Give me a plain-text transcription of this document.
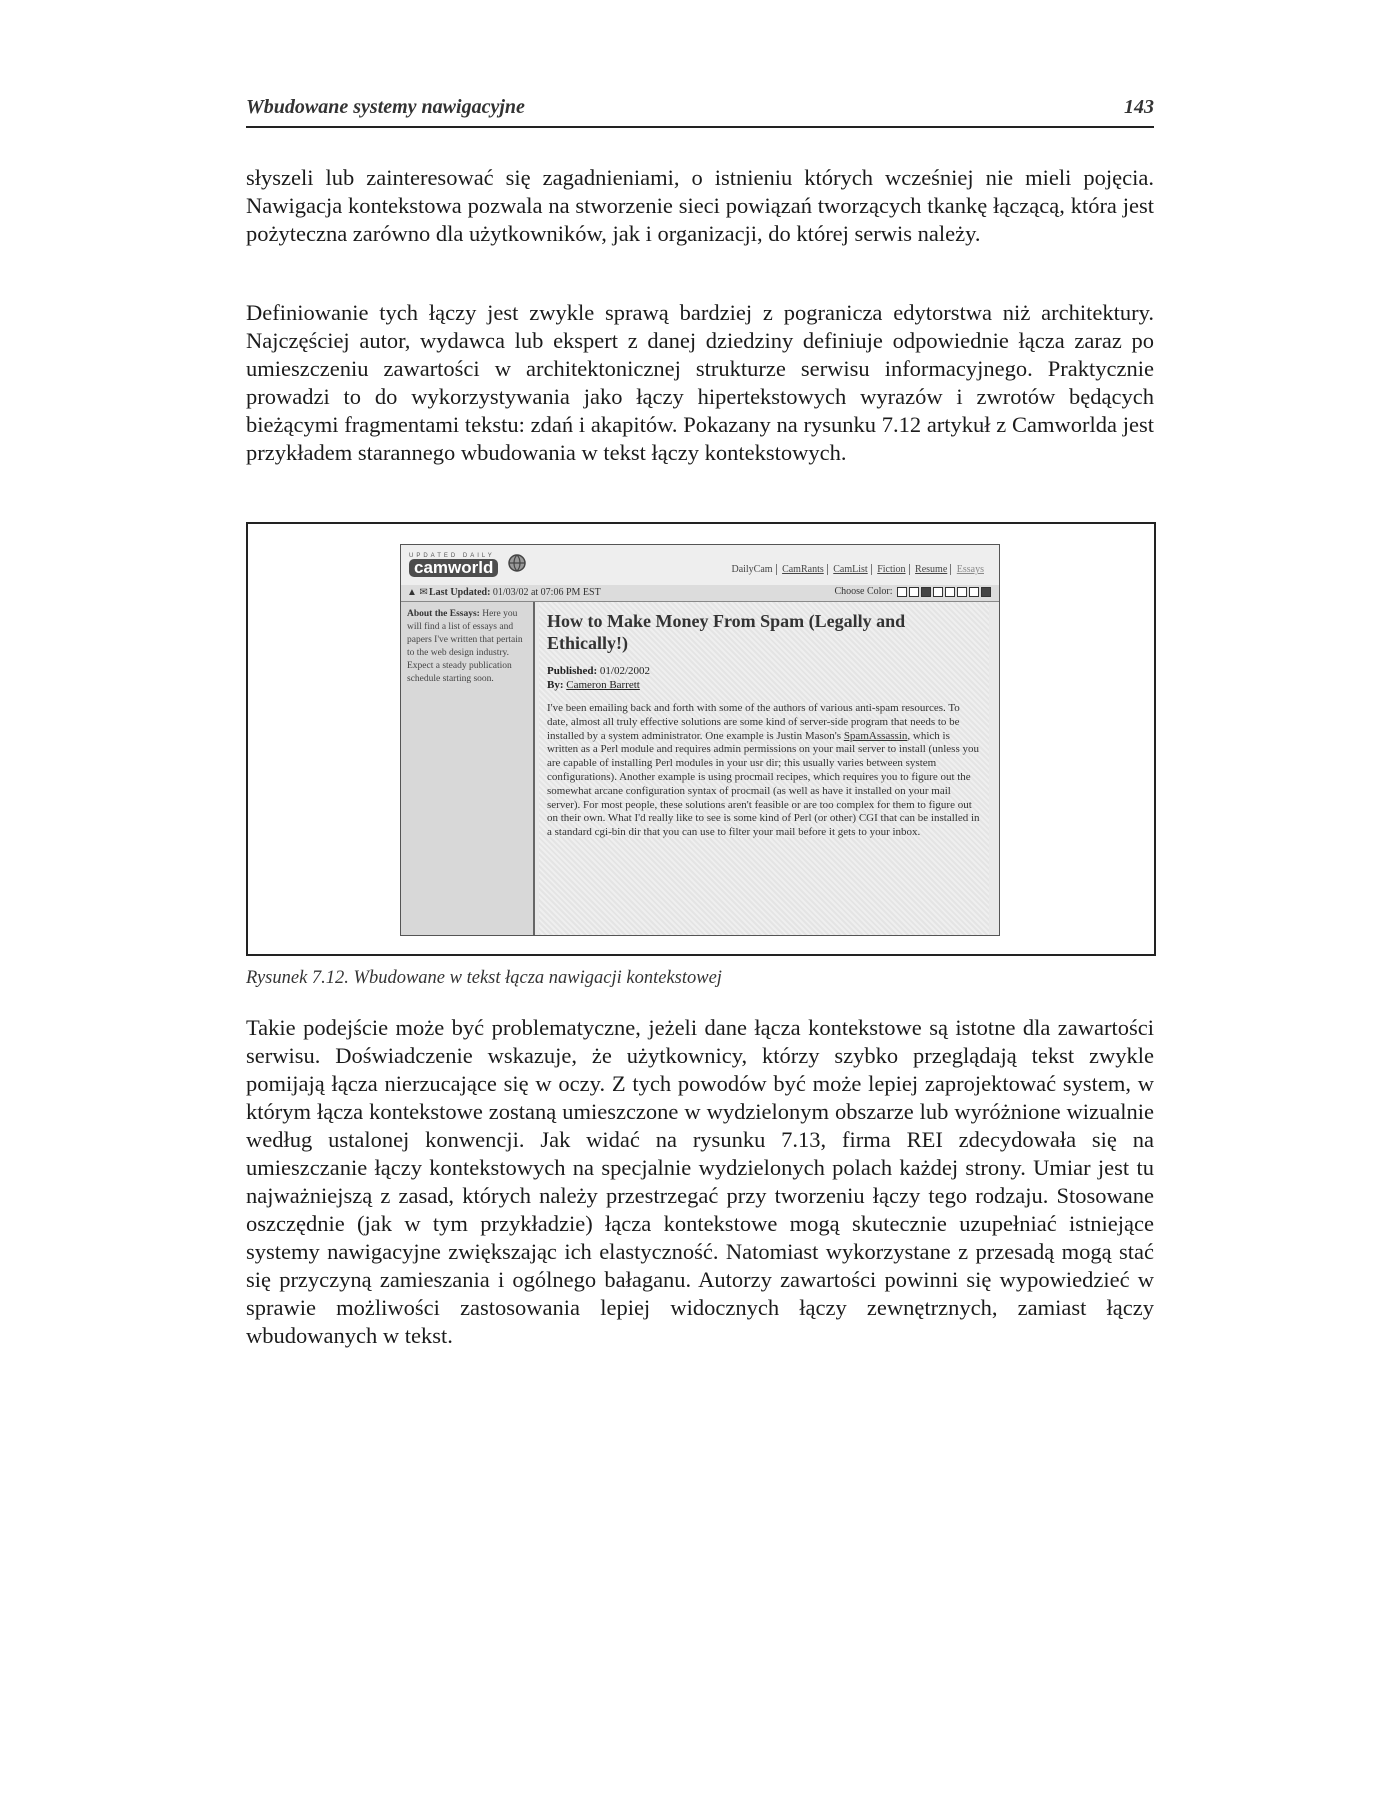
Wbudowane systemy nawigacyjne	143

słyszeli lub zainteresować się zagadnieniami, o istnieniu których wcześniej nie mieli pojęcia. Nawigacja kontekstowa pozwala na stworzenie sieci powiązań tworzących tkankę łączącą, która jest pożyteczna zarówno dla użytkowników, jak i organizacji, do której serwis należy.

Definiowanie tych łączy jest zwykle sprawą bardziej z pogranicza edytorstwa niż architektury. Najczęściej autor, wydawca lub ekspert z danej dziedziny definiuje odpowiednie łącza zaraz po umieszczeniu zawartości w architektonicznej strukturze serwisu informacyjnego. Praktycznie prowadzi to do wykorzystywania jako łączy hipertekstowych wyrazów i zwrotów będących bieżącymi fragmentami tekstu: zdań i akapitów. Pokazany na rysunku 7.12 artykuł z Camworlda jest przykładem starannego wbudowania w tekst łączy kontekstowych.

UPDATED DAILY
camworld	DailyCam CamRants CamList Fiction Resume Essays
▲ ✉ Last Updated: 01/03/02 at 07:06 PM EST	Choose Color:
About the Essays: Here you will find a list of essays and papers I've written that pertain to the web design industry. Expect a steady publication schedule starting soon.

How to Make Money From Spam (Legally and Ethically!)

Published: 01/02/2002

By: Cameron Barrett

I've been emailing back and forth with some of the authors of various anti-spam resources. To date, almost all truly effective solutions are some kind of server-side program that needs to be installed by a system administrator. One example is Justin Mason's SpamAssassin, which is written as a Perl module and requires admin permissions on your mail server to install (unless you are capable of installing Perl modules in your usr dir; this usually varies between system configurations). Another example is using procmail recipes, which requires you to figure out the somewhat arcane configuration syntax of procmail (as well as have it installed on your mail server). For most people, these solutions aren't feasible or are too complex for them to figure out on their own. What I'd really like to see is some kind of Perl (or other) CGI that can be installed in a standard cgi-bin dir that you can use to filter your mail before it gets to your inbox.

Rysunek 7.12. Wbudowane w tekst łącza nawigacji kontekstowej

Takie podejście może być problematyczne, jeżeli dane łącza kontekstowe są istotne dla zawartości serwisu. Doświadczenie wskazuje, że użytkownicy, którzy szybko przeglądają tekst zwykle pomijają łącza nierzucające się w oczy. Z tych powodów być może lepiej zaprojektować system, w którym łącza kontekstowe zostaną umieszczone w wydzielonym obszarze lub wyróżnione wizualnie według ustalonej konwencji. Jak widać na rysunku 7.13, firma REI zdecydowała się na umieszczanie łączy kontekstowych na specjalnie wydzielonych polach każdej strony. Umiar jest tu najważniejszą z zasad, których należy przestrzegać przy tworzeniu łączy tego rodzaju. Stosowane oszczędnie (jak w tym przykładzie) łącza kontekstowe mogą skutecznie uzupełniać istniejące systemy nawigacyjne zwiększając ich elastyczność. Natomiast wykorzystane z przesadą mogą stać się przyczyną zamieszania i ogólnego bałaganu. Autorzy zawartości powinni się wypowiedzieć w sprawie możliwości zastosowania lepiej widocznych łączy zewnętrznych, zamiast łączy wbudowanych w tekst.
